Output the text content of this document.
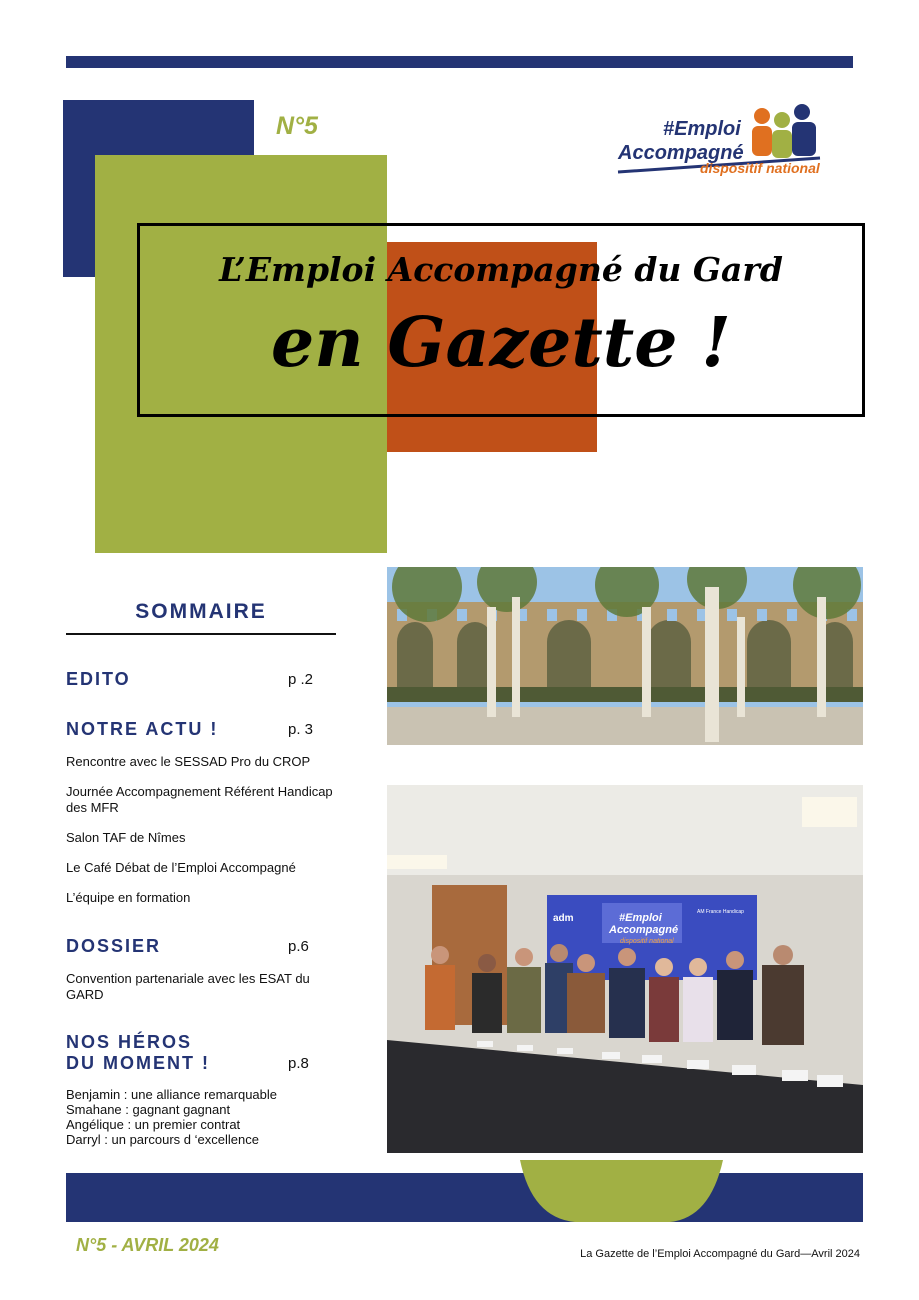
N°5
L’Emploi Accompagné du Gard
en Gazette !
#Emploi
Accompagné
dispositif national
SOMMAIRE
EDITO	p .2
NOTRE ACTU !	p. 3
Rencontre avec le SESSAD Pro du CROP
Journée Accompagnement Référent Handicap des MFR
Salon TAF de Nîmes
Le Café Débat de l’Emploi Accompagné
L’équipe en formation
DOSSIER	p.6
Convention partenariale avec les ESAT du GARD
NOS HÉROS
DU MOMENT !	p.8
Benjamin : une alliance remarquable
Smahane : gagnant gagnant
Angélique : un premier contrat
Darryl : un parcours d ‘excellence
#Emploi
Accompagné
dispositif national
adm
AM France Handicap
N°5 - AVRIL 2024	La Gazette de l’Emploi Accompagné du Gard—Avril 2024
